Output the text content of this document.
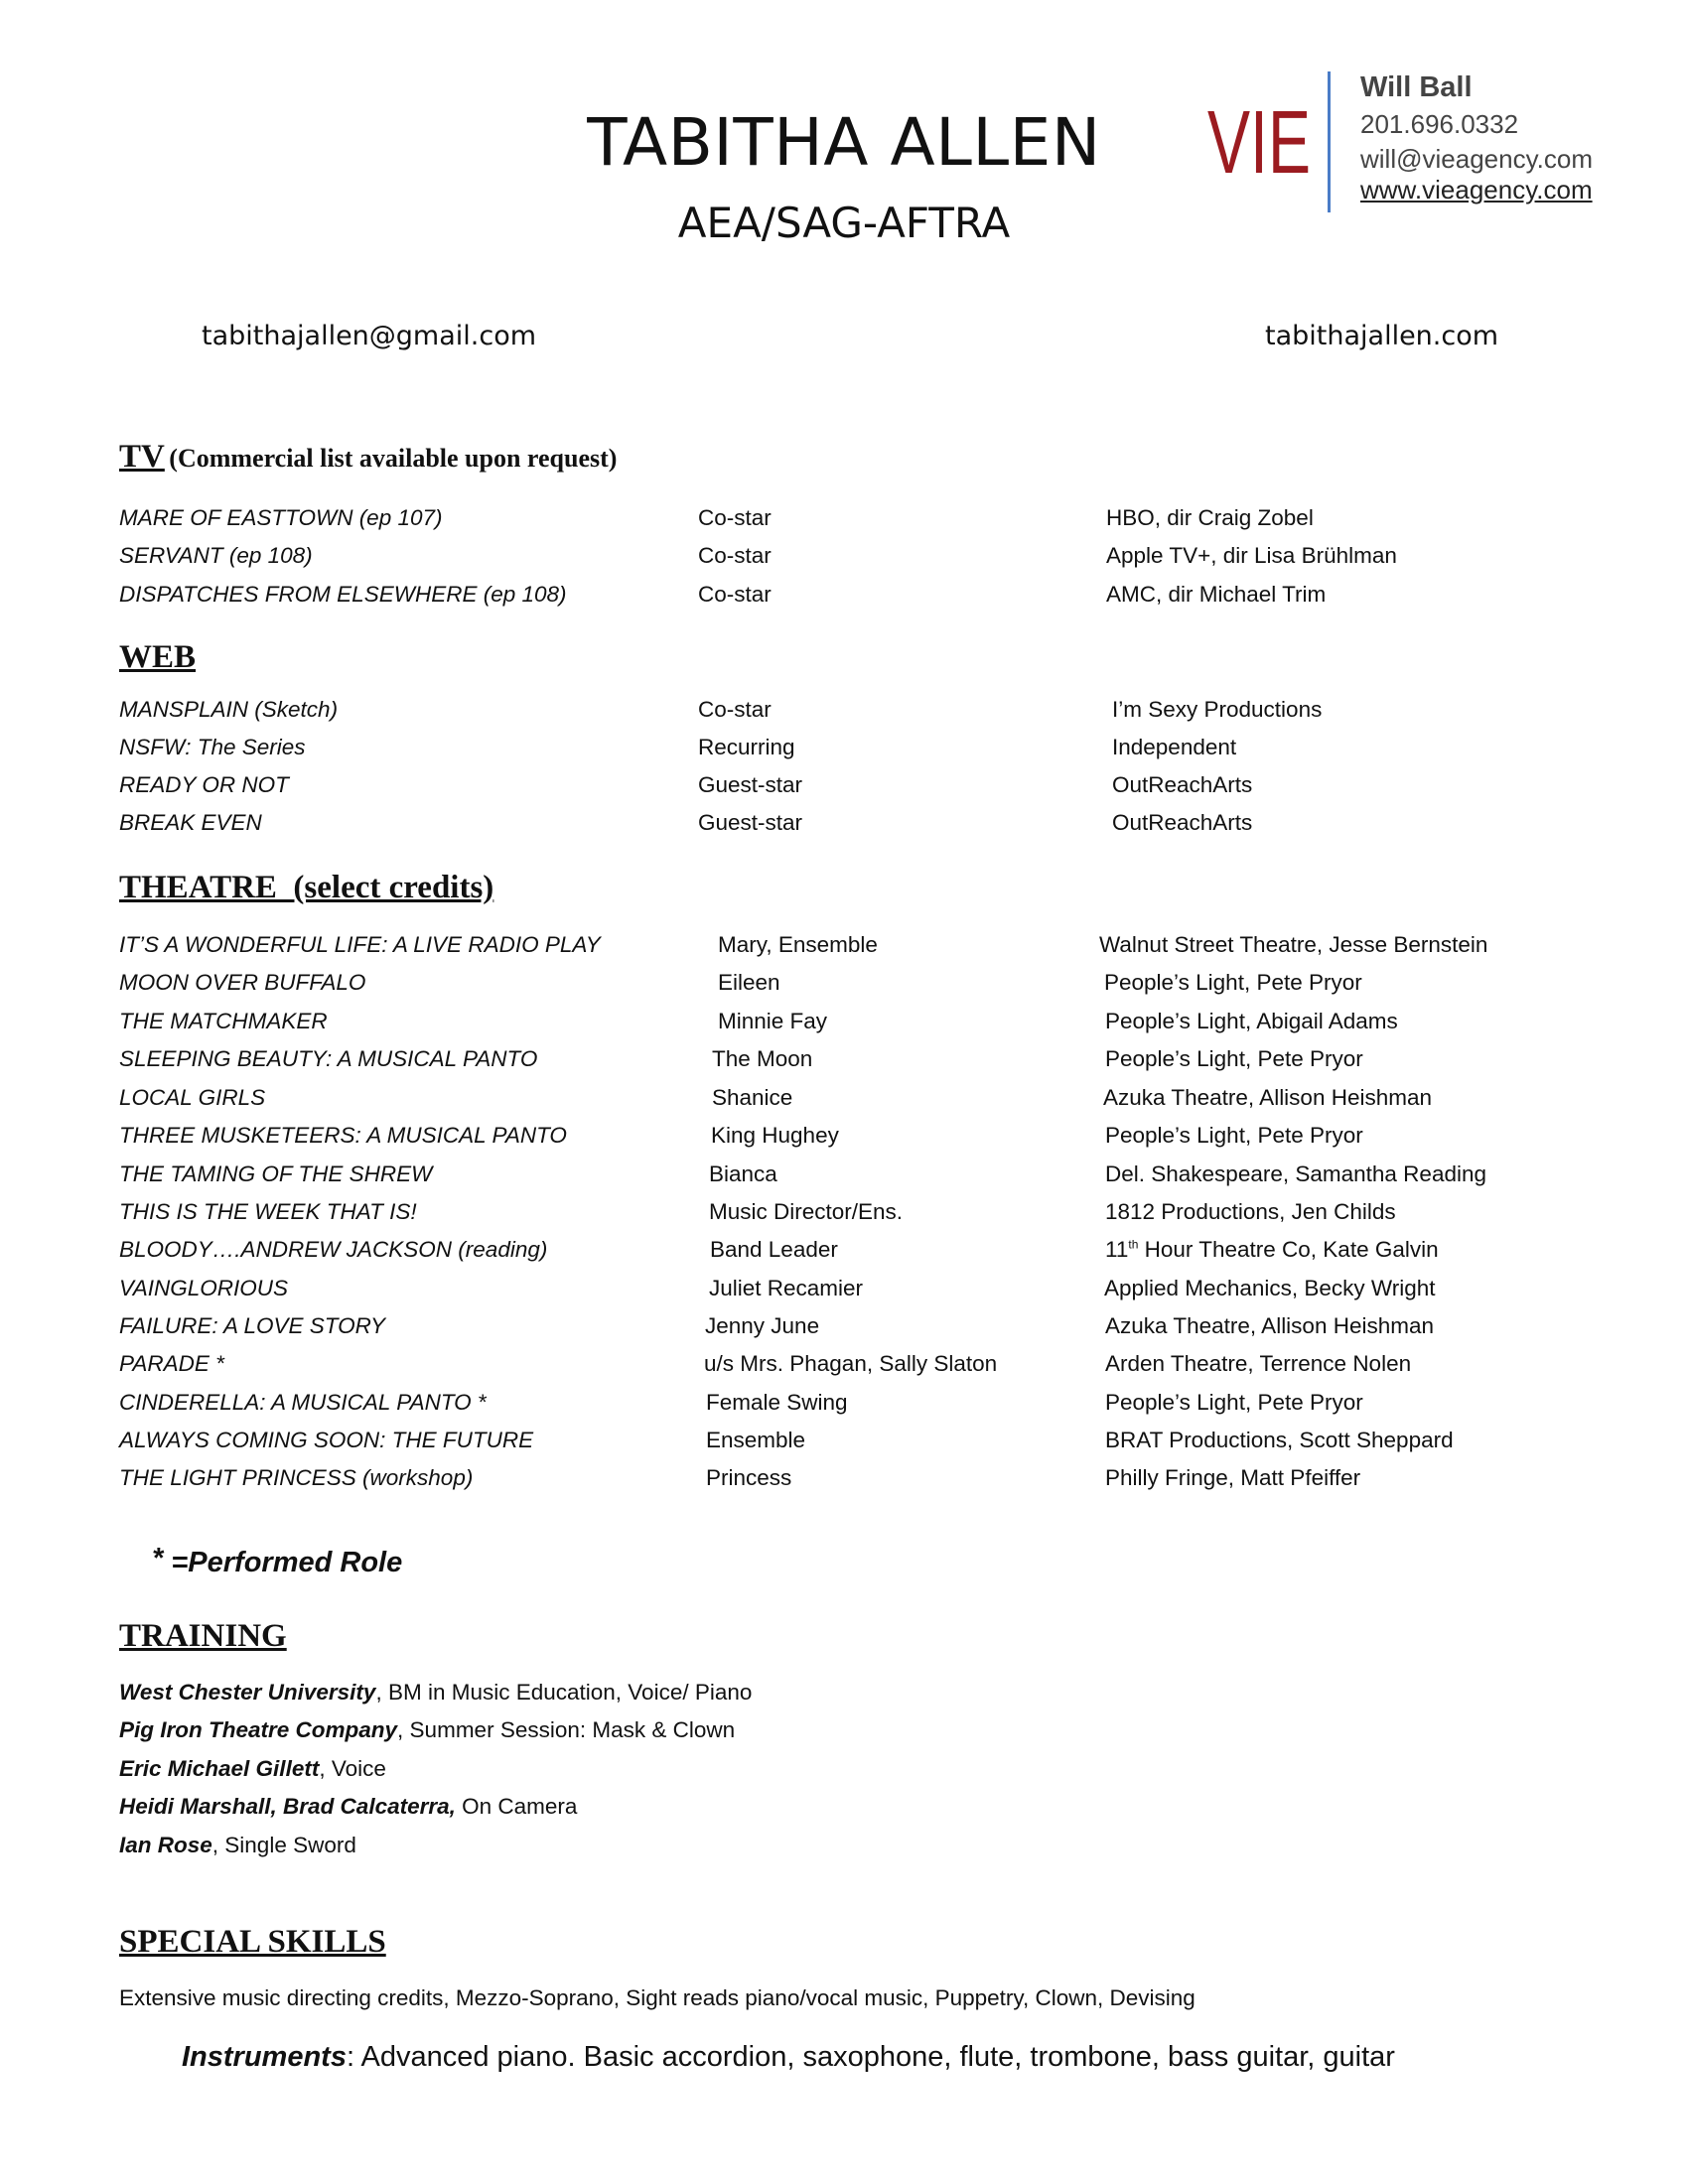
TABITHA ALLEN
AEA/SAG-AFTRA
VIE
Will Ball
201.696.0332
will@vieagency.com
www.vieagency.com
tabithajallen@gmail.com	tabithajallen.com
TV (Commercial list available upon request)
MARE OF EASTTOWN (ep 107)	Co-star	HBO, dir Craig Zobel
SERVANT (ep 108)	Co-star	Apple TV+, dir Lisa Brühlman
DISPATCHES FROM ELSEWHERE (ep 108)	Co-star	AMC, dir Michael Trim
WEB
MANSPLAIN (Sketch)	Co-star	I’m Sexy Productions
NSFW: The Series	Recurring	Independent
READY OR NOT	Guest-star	OutReachArts
BREAK EVEN	Guest-star	OutReachArts
THEATRE  (select credits)
IT’S A WONDERFUL LIFE: A LIVE RADIO PLAY	Mary, Ensemble	Walnut Street Theatre, Jesse Bernstein
MOON OVER BUFFALO	Eileen	People’s Light, Pete Pryor
THE MATCHMAKER	Minnie Fay	People’s Light, Abigail Adams
SLEEPING BEAUTY: A MUSICAL PANTO	The Moon	People’s Light, Pete Pryor
LOCAL GIRLS	Shanice	Azuka Theatre, Allison Heishman
THREE MUSKETEERS: A MUSICAL PANTO	King Hughey	People’s Light, Pete Pryor
THE TAMING OF THE SHREW	Bianca	Del. Shakespeare, Samantha Reading
THIS IS THE WEEK THAT IS!	Music Director/Ens.	1812 Productions, Jen Childs
BLOODY….ANDREW JACKSON (reading)	Band Leader	11th Hour Theatre Co, Kate Galvin
VAINGLORIOUS	Juliet Recamier	Applied Mechanics, Becky Wright
FAILURE: A LOVE STORY	Jenny June	Azuka Theatre, Allison Heishman
PARADE *	u/s Mrs. Phagan, Sally Slaton	Arden Theatre, Terrence Nolen
CINDERELLA: A MUSICAL PANTO *	Female Swing	People’s Light, Pete Pryor
ALWAYS COMING SOON: THE FUTURE	Ensemble	BRAT Productions, Scott Sheppard
THE LIGHT PRINCESS (workshop)	Princess	Philly Fringe, Matt Pfeiffer
* =Performed Role
TRAINING
West Chester University, BM in Music Education, Voice/ Piano
Pig Iron Theatre Company, Summer Session: Mask & Clown
Eric Michael Gillett, Voice
Heidi Marshall, Brad Calcaterra, On Camera
Ian Rose, Single Sword
SPECIAL SKILLS
Extensive music directing credits, Mezzo-Soprano, Sight reads piano/vocal music, Puppetry, Clown, Devising
Instruments: Advanced piano. Basic accordion, saxophone, flute, trombone, bass guitar, guitar
